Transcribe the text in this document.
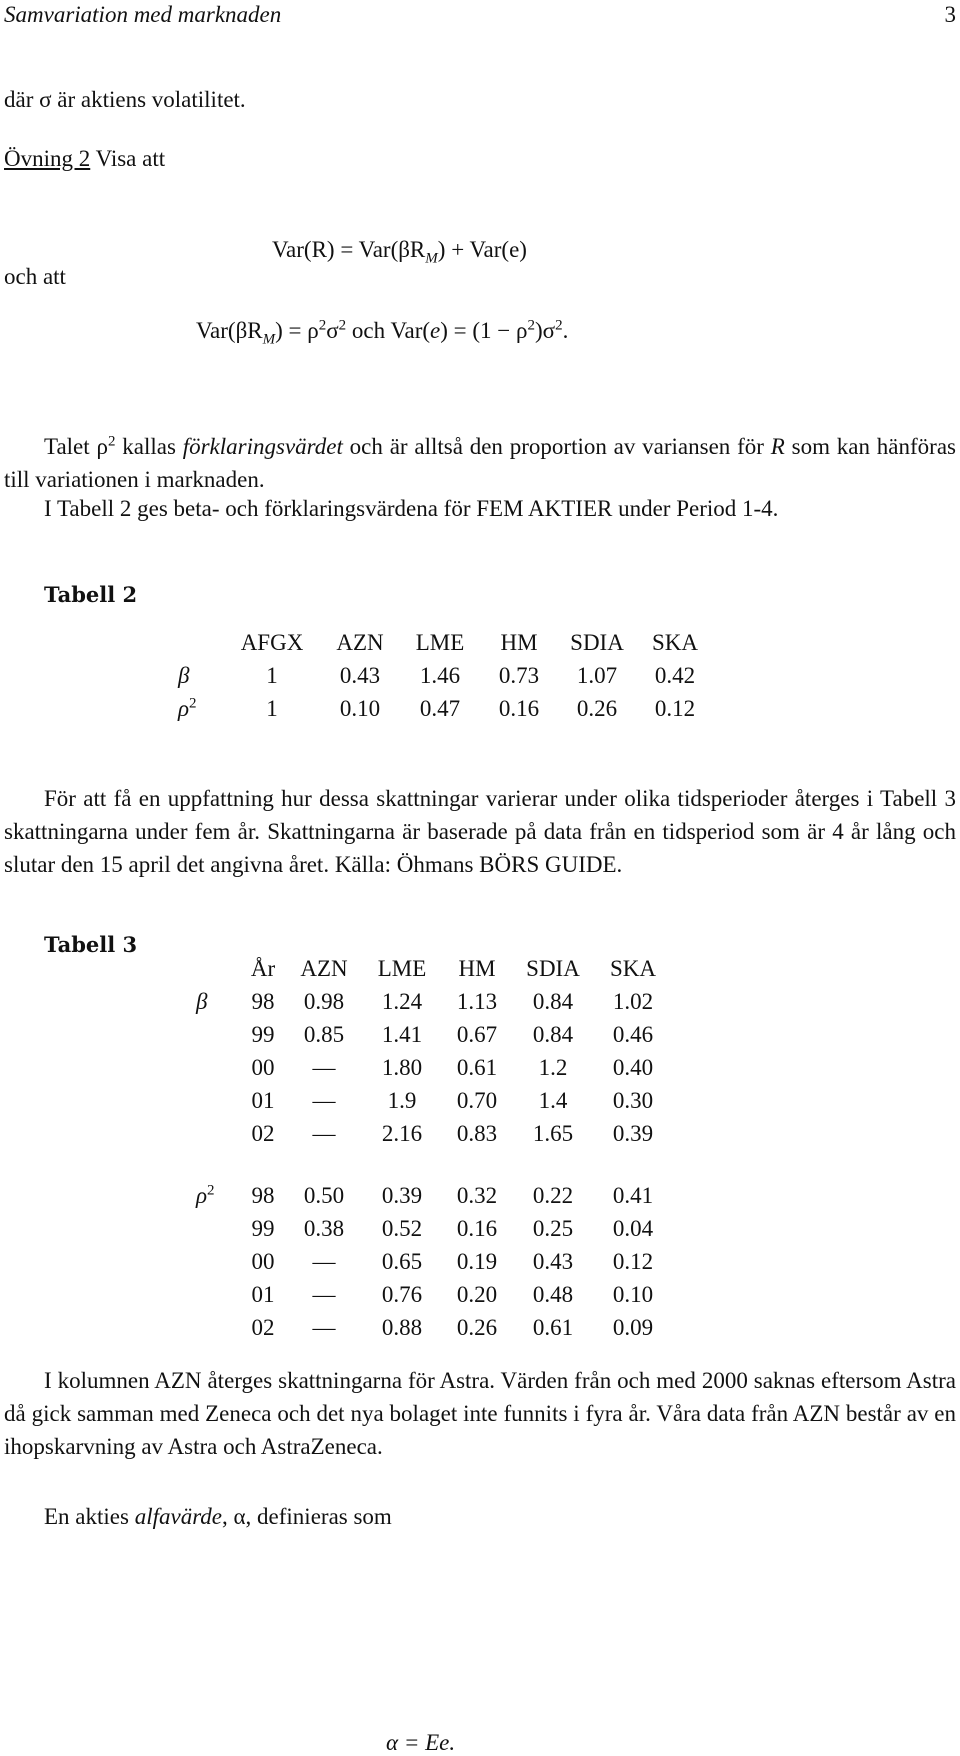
Samvariation med marknaden	3
där σ är aktiens volatilitet.
Övning 2 Visa att
$Var(R) = Var(\beta R_M) + Var(e)$
och att
$Var(\beta R_M) = \rho^2\sigma^2$ och $Var(e) = (1 - \rho^2)\sigma^2$.
Talet $\rho^2$ kallas förklaringsvärdet och är alltså den proportion av variansen för R som kan hänföras till variationen i marknaden.
I Tabell 2 ges beta- och förklaringsvärdena för FEM AKTIER under Period 1-4.
Tabell 2
	AFGX	AZN	LME	HM	SDIA	SKA
β	1	0.43	1.46	0.73	1.07	0.42
$\rho^2$	1	0.10	0.47	0.16	0.26	0.12
För att få en uppfattning hur dessa skattningar varierar under olika tidsperioder återges i Tabell 3 skattningarna under fem år. Skattningarna är baserade på data från en tidsperiod som är 4 år lång och slutar den 15 april det angivna året. Källa: Öhmans BÖRS GUIDE.
Tabell 3
	År	AZN	LME	HM	SDIA	SKA
β	98	0.98	1.24	1.13	0.84	1.02
	99	0.85	1.41	0.67	0.84	0.46
	00	—	1.80	0.61	1.2	0.40
	01	—	1.9	0.70	1.4	0.30
	02	—	2.16	0.83	1.65	0.39

$\rho^2$	98	0.50	0.39	0.32	0.22	0.41
	99	0.38	0.52	0.16	0.25	0.04
	00	—	0.65	0.19	0.43	0.12
	01	—	0.76	0.20	0.48	0.10
	02	—	0.88	0.26	0.61	0.09
I kolumnen AZN återges skattningarna för Astra. Värden från och med 2000 saknas eftersom Astra då gick samman med Zeneca och det nya bolaget inte funnits i fyra år. Våra data från AZN består av en ihopskarvning av Astra och AstraZeneca.
En akties alfavärde, α, definieras som
α = Ee.
